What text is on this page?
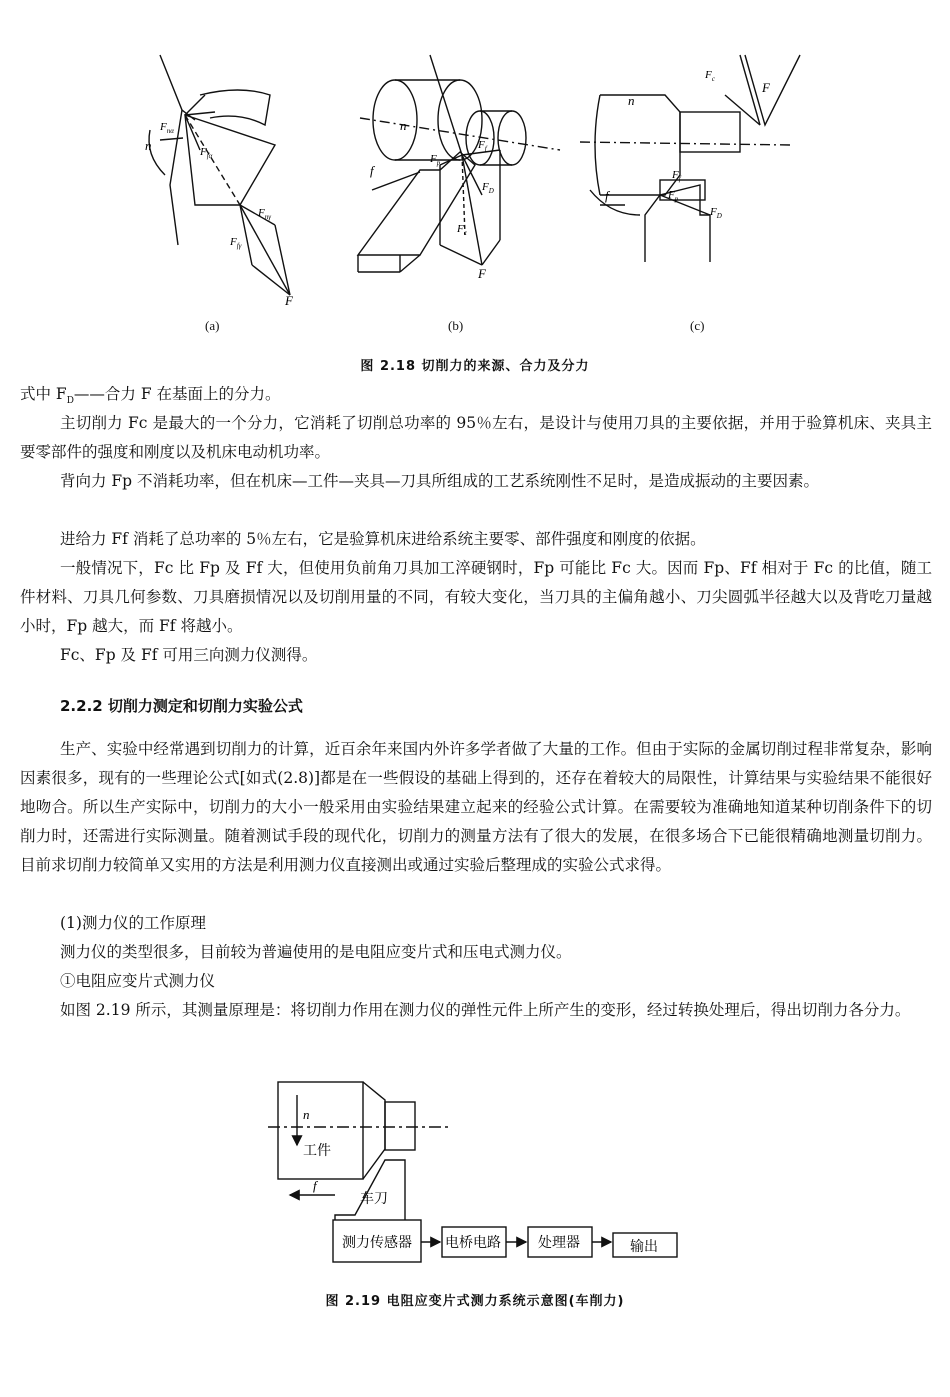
n
F
$F_{n\alpha}$
$F_{n\gamma}$
$F_{f\gamma}$
$F_{f\alpha}$
f
n
F
$F_c$
$F_p$
$F_f$
$F_D$
n
f
F
$F_c$
$F_f$
$F_p$
$F_D$
(a)	(b)	(c)
图 2.18 切削力的来源、合力及分力
式中 $F_D——$合力 F 在基面上的分力。
主切削力 Fc 是最大的一个分力，它消耗了切削总功率的 95％左右，是设计与使用刀具的主要依据，并用于验算机床、夹具主要零部件的强度和刚度以及机床电动机功率。
背向力 Fp 不消耗功率，但在机床—工件—夹具—刀具所组成的工艺系统刚性不足时，是造成振动的主要因素。
进给力 Ff 消耗了总功率的 5％左右，它是验算机床进给系统主要零、部件强度和刚度的依据。
一般情况下，Fc 比 Fp 及 Ff 大，但使用负前角刀具加工淬硬钢时，Fp 可能比 Fc 大。因而 Fp、Ff 相对于 Fc 的比值，随工件材料、刀具几何参数、刀具磨损情况以及切削用量的不同，有较大变化，当刀具的主偏角越小、刀尖圆弧半径越大以及背吃刀量越小时，Fp 越大，而 Ff 将越小。
Fc、Fp 及 Ff 可用三向测力仪测得。
2.2.2 切削力测定和切削力实验公式
生产、实验中经常遇到切削力的计算，近百余年来国内外许多学者做了大量的工作。但由于实际的金属切削过程非常复杂，影响因素很多，现有的一些理论公式[如式(2.8)]都是在一些假设的基础上得到的，还存在着较大的局限性，计算结果与实验结果不能很好地吻合。所以生产实际中，切削力的大小一般采用由实验结果建立起来的经验公式计算。在需要较为准确地知道某种切削条件下的切削力时，还需进行实际测量。随着测试手段的现代化，切削力的测量方法有了很大的发展，在很多场合下已能很精确地测量切削力。目前求切削力较简单又实用的方法是利用测力仪直接测出或通过实验后整理成的实验公式求得。
(1)测力仪的工作原理
测力仪的类型很多，目前较为普遍使用的是电阻应变片式和压电式测力仪。
①电阻应变片式测力仪
如图 2.19 所示，其测量原理是：将切削力作用在测力仪的弹性元件上所产生的变形，经过转换处理后，得出切削力各分力。
n
工件
f
车刀
测力传感器 电桥电路	处理器	输出
图 2.19 电阻应变片式测力系统示意图(车削力)
